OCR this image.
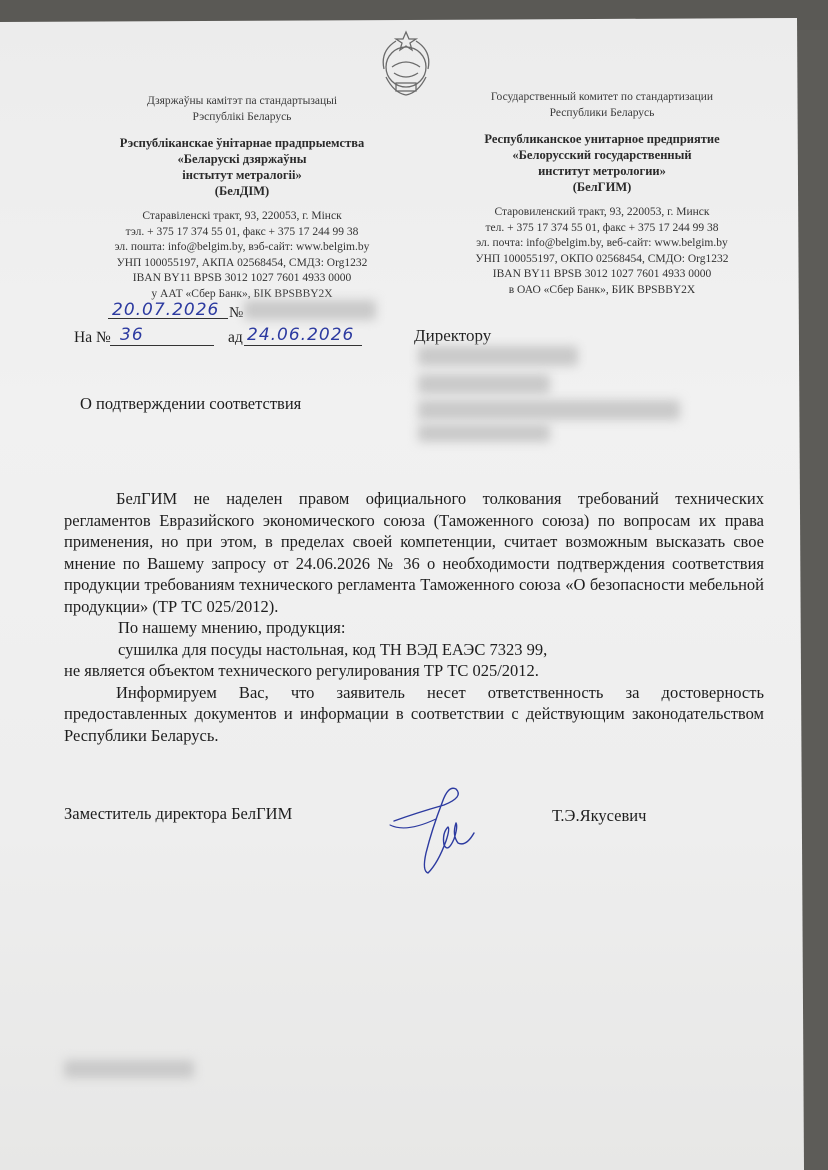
Дзяржаўны камітэт па стандартызацыі
Рэспублікі Беларусь
Рэспубліканскае ўнітарнае прадпрыемства
«Беларускі дзяржаўны
інстытут метралогіі»
(БелДІМ)
Старавіленскі тракт, 93, 220053, г. Мінск
тэл. + 375 17 374 55 01, факс + 375 17 244 99 38
эл. пошта: info@belgim.by, вэб-сайт: www.belgim.by
УНП 100055197, АКПА 02568454, СМДЗ: Org1232
IBAN BY11 BPSB 3012 1027 7601 4933 0000
у ААТ «Сбер Банк», БІК BPSBBY2X
Государственный комитет по стандартизации
Республики Беларусь
Республиканское унитарное предприятие
«Белорусский государственный
институт метрологии»
(БелГИМ)
Старовиленский тракт, 93, 220053, г. Минск
тел. + 375 17 374 55 01, факс + 375 17 244 99 38
эл. почта: info@belgim.by, веб-сайт: www.belgim.by
УНП 100055197, ОКПО 02568454, СМДО: Org1232
IBAN BY11 BPSB 3012 1027 7601 4933 0000
в ОАО «Сбер Банк», БИК BPSBBY2X
20.07.2026 №
На № 36	ад 24.06.2026	Директору
О подтверждении соответствия

БелГИМ не наделен правом официального толкования требований технических регламентов Евразийского экономического союза (Таможенного союза) по вопросам их права применения, но при этом, в пределах своей компетенции, считает возможным высказать свое мнение по Вашему запросу от 24.06.2026 № 36 о необходимости подтверждения соответствия продукции требованиям технического регламента Таможенного союза «О безопасности мебельной продукции» (ТР ТС 025/2012).

По нашему мнению, продукция:

сушилка для посуды настольная, код ТН ВЭД ЕАЭС 7323 99,

не является объектом технического регулирования ТР ТС 025/2012.

Информируем Вас, что заявитель несет ответственность за достоверность предоставленных документов и информации в соответствии с действующим законодательством Республики Беларусь.

Заместитель директора БелГИМ	Т.Э.Якусевич
